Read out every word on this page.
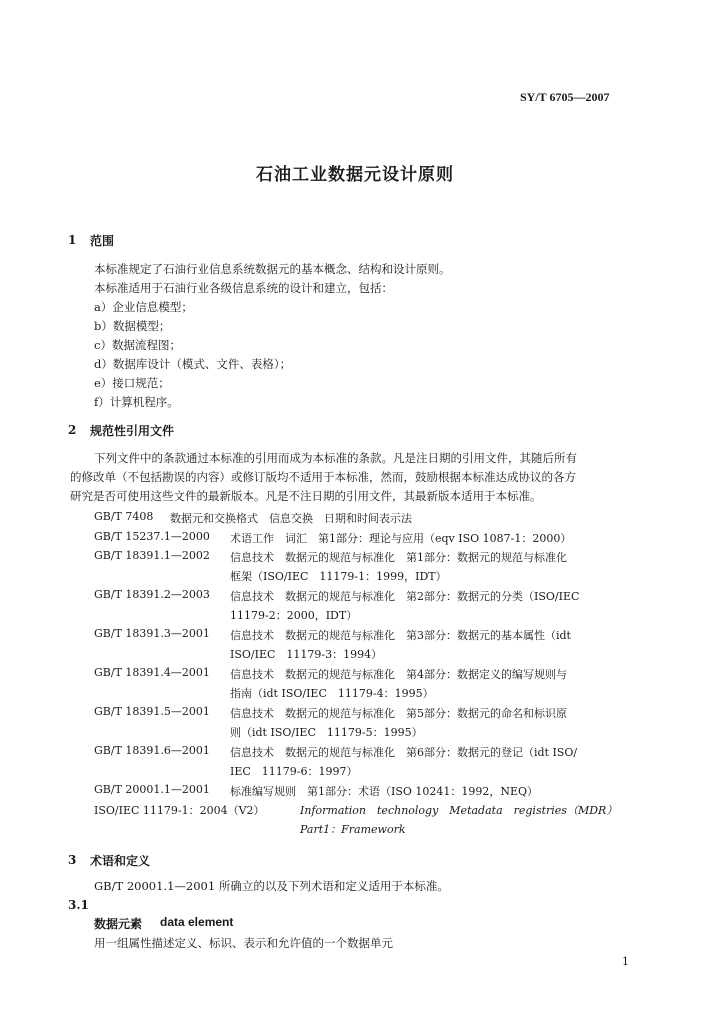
SY/T 6705—2007
石油工业数据元设计原则
1 范围
本标准规定了石油行业信息系统数据元的基本概念、结构和设计原则。
本标准适用于石油行业各级信息系统的设计和建立，包括：
a）企业信息模型；
b）数据模型；
c）数据流程图；
d）数据库设计（模式、文件、表格）；
e）接口规范；
f）计算机程序。
2 规范性引用文件
下列文件中的条款通过本标准的引用而成为本标准的条款。凡是注日期的引用文件，其随后所有
的修改单（不包括勘误的内容）或修订版均不适用于本标准，然而，鼓励根据本标准达成协议的各方
研究是否可使用这些文件的最新版本。凡是不注日期的引用文件，其最新版本适用于本标准。
GB/T 7408 数据元和交换格式　信息交换　日期和时间表示法
GB/T 15237.1—2000 术语工作　词汇　第1部分：理论与应用（eqv ISO 1087-1：2000）
GB/T 18391.1—2002 信息技术　数据元的规范与标准化　第1部分：数据元的规范与标准化
框架（ISO/IEC　11179-1：1999，IDT）
GB/T 18391.2—2003 信息技术　数据元的规范与标准化　第2部分：数据元的分类（ISO/IEC
11179-2：2000，IDT）
GB/T 18391.3—2001 信息技术　数据元的规范与标准化　第3部分：数据元的基本属性（idt
ISO/IEC　11179-3：1994）
GB/T 18391.4—2001 信息技术　数据元的规范与标准化　第4部分：数据定义的编写规则与
指南（idt ISO/IEC　11179-4：1995）
GB/T 18391.5—2001 信息技术　数据元的规范与标准化　第5部分：数据元的命名和标识原
则（idt ISO/IEC　11179-5：1995）
GB/T 18391.6—2001 信息技术　数据元的规范与标准化　第6部分：数据元的登记（idt ISO/
IEC　11179-6：1997）
GB/T 20001.1—2001 标准编写规则　第1部分：术语（ISO 10241：1992，NEQ）
ISO/IEC 11179-1：2004（V2）	Information　technology　Metadata　registries（MDR）
Part1：Framework
3 术语和定义
GB/T 20001.1—2001 所确立的以及下列术语和定义适用于本标准。
3.1
数据元素 data element
用一组属性描述定义、标识、表示和允许值的一个数据单元
1
